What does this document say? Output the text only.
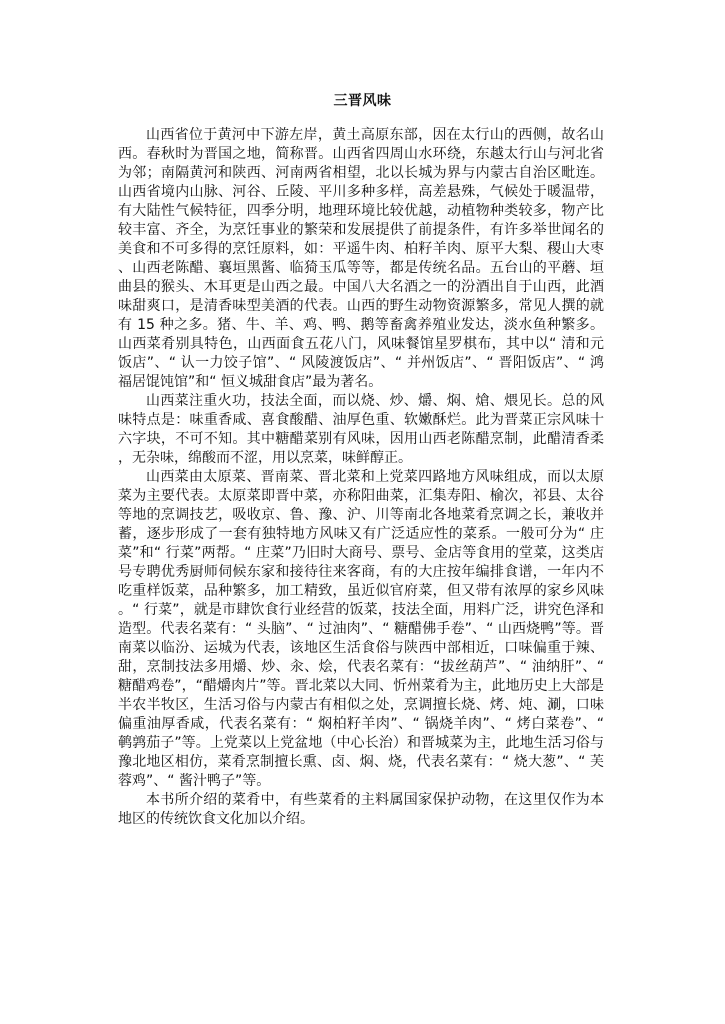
三晋风味

山西省位于黄河中下游左岸，黄土高原东部，因在太行山的西侧，故名山西。春秋时为晋国之地，简称晋。山西省四周山水环绕，东越太行山与河北省为邻；南隔黄河和陕西、河南两省相望，北以长城为界与内蒙古自治区毗连。山西省境内山脉、河谷、丘陵、平川多种多样，高差悬殊，气候处于暖温带，有大陆性气候特征，四季分明，地理环境比较优越，动植物种类较多，物产比较丰富、齐全，为烹饪事业的繁荣和发展提供了前提条件，有许多举世闻名的美食和不可多得的烹饪原料，如：平遥牛肉、柏籽羊肉、原平大梨、稷山大枣、山西老陈醋、襄垣黑酱、临猗玉瓜等等，都是传统名品。五台山的平蘑、垣曲县的猴头、木耳更是山西之最。中国八大名酒之一的汾酒出自于山西，此酒味甜爽口，是清香味型美酒的代表。山西的野生动物资源繁多，常见人撰的就有 15 种之多。猪、牛、羊、鸡、鸭、鹅等畜禽养殖业发达，淡水鱼种繁多。山西菜肴别具特色，山西面食五花八门，风味餐馆星罗棋布，其中以“ 清和元饭店”、“ 认一力饺子馆”、“ 风陵渡饭店”、“ 并州饭店”、“ 晋阳饭店”、“ 鸿福居馄饨馆”和“ 恒义城甜食店”最为著名。

山西菜注重火功，技法全面，而以烧、炒、爝、焖、熗、煨见长。总的风味特点是：味重香咸、喜食酸醋、油厚色重、软嫩酥烂。此为晋菜正宗风味十六字块，不可不知。其中糖醋菜别有风味，因用山西老陈醋烹制，此醋清香柔，无杂味，绵酸而不涩，用以烹菜，味鲜醇正。

山西菜由太原菜、晋南菜、晋北菜和上党菜四路地方风味组成，而以太原菜为主要代表。太原菜即晋中菜，亦称阳曲菜，汇集寿阳、榆次，祁县、太谷等地的烹调技艺，吸收京、鲁、豫、沪、川等南北各地菜肴烹调之长，兼收并蓄，逐步形成了一套有独特地方风味又有广泛适应性的菜系。一般可分为“ 庄菜”和“ 行菜”两帮。“ 庄菜”乃旧时大商号、票号、金店等食用的堂菜，这类店号专聘优秀厨师伺候东家和接待往来客商，有的大庄按年编排食谱，一年内不吃重样饭菜，品种繁多，加工精致，虽近似官府菜，但又带有浓厚的家乡风味。“ 行菜”，就是市肆饮食行业经营的饭菜，技法全面，用料广泛，讲究色泽和造型。代表名菜有：“ 头脑”、“ 过油肉”、“ 糖醋佛手卷”、“ 山西烧鸭”等。晋南菜以临汾、运城为代表，该地区生活食俗与陕西中部相近，口味偏重于辣、甜，烹制技法多用爝、炒、汆、烩，代表名菜有：“拔丝葫芦”、“ 油纳肝”、“ 糖醋鸡卷”，“醋爝肉片”等。晋北菜以大同、忻州菜肴为主，此地历史上大部是半农半牧区，生活习俗与内蒙古有相似之处，烹调擅长烧、烤、炖、涮，口味偏重油厚香咸，代表名菜有：“ 焖柏籽羊肉”、“ 锅烧羊肉”、“ 烤白菜卷”、“ 鹌鹑茄子”等。上党菜以上党盆地（中心长治）和晋城菜为主，此地生活习俗与豫北地区相仿，菜肴烹制擅长熏、卤、焖、烧，代表名菜有：“ 烧大葱”、“ 芙蓉鸡”、“ 酱汁鸭子”等。

本书所介绍的菜肴中，有些菜肴的主料属国家保护动物，在这里仅作为本地区的传统饮食文化加以介绍。
